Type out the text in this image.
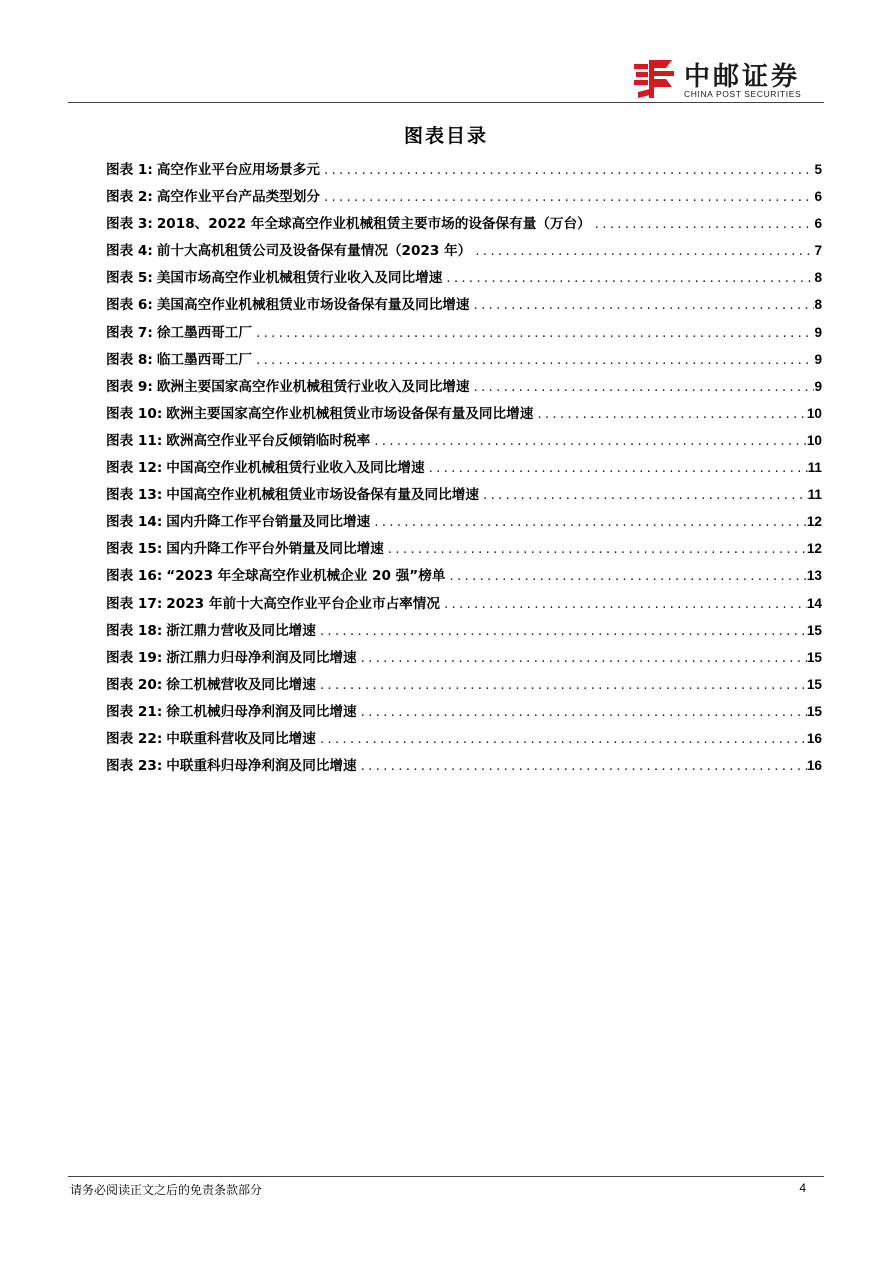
中邮证券
CHINA POST SECURITIES
图表目录
图表 1: 高空作业平台应用场景多元 .....	5
图表 2: 高空作业平台产品类型划分 .....	6
图表 3: 2018、2022 年全球高空作业机械租赁主要市场的设备保有量（万台） .....	6
图表 4: 前十大高机租赁公司及设备保有量情况（2023 年） .....	7
图表 5: 美国市场高空作业机械租赁行业收入及同比增速 .....	8
图表 6: 美国高空作业机械租赁业市场设备保有量及同比增速 .....	8
图表 7: 徐工墨西哥工厂 .....	9
图表 8: 临工墨西哥工厂 .....	9
图表 9: 欧洲主要国家高空作业机械租赁行业收入及同比增速 .....	9
图表 10: 欧洲主要国家高空作业机械租赁业市场设备保有量及同比增速 .....	10
图表 11: 欧洲高空作业平台反倾销临时税率 .....	10
图表 12: 中国高空作业机械租赁行业收入及同比增速 .....	11
图表 13: 中国高空作业机械租赁业市场设备保有量及同比增速 .....	11
图表 14: 国内升降工作平台销量及同比增速 .....	12
图表 15: 国内升降工作平台外销量及同比增速 .....	12
图表 16: “2023 年全球高空作业机械企业 20 强”榜单 .....	13
图表 17: 2023 年前十大高空作业平台企业市占率情况 .....	14
图表 18: 浙江鼎力营收及同比增速 .....	15
图表 19: 浙江鼎力归母净利润及同比增速 .....	15
图表 20: 徐工机械营收及同比增速 .....	15
图表 21: 徐工机械归母净利润及同比增速 .....	15
图表 22: 中联重科营收及同比增速 .....	16
图表 23: 中联重科归母净利润及同比增速 .....	16
请务必阅读正文之后的免责条款部分	4
